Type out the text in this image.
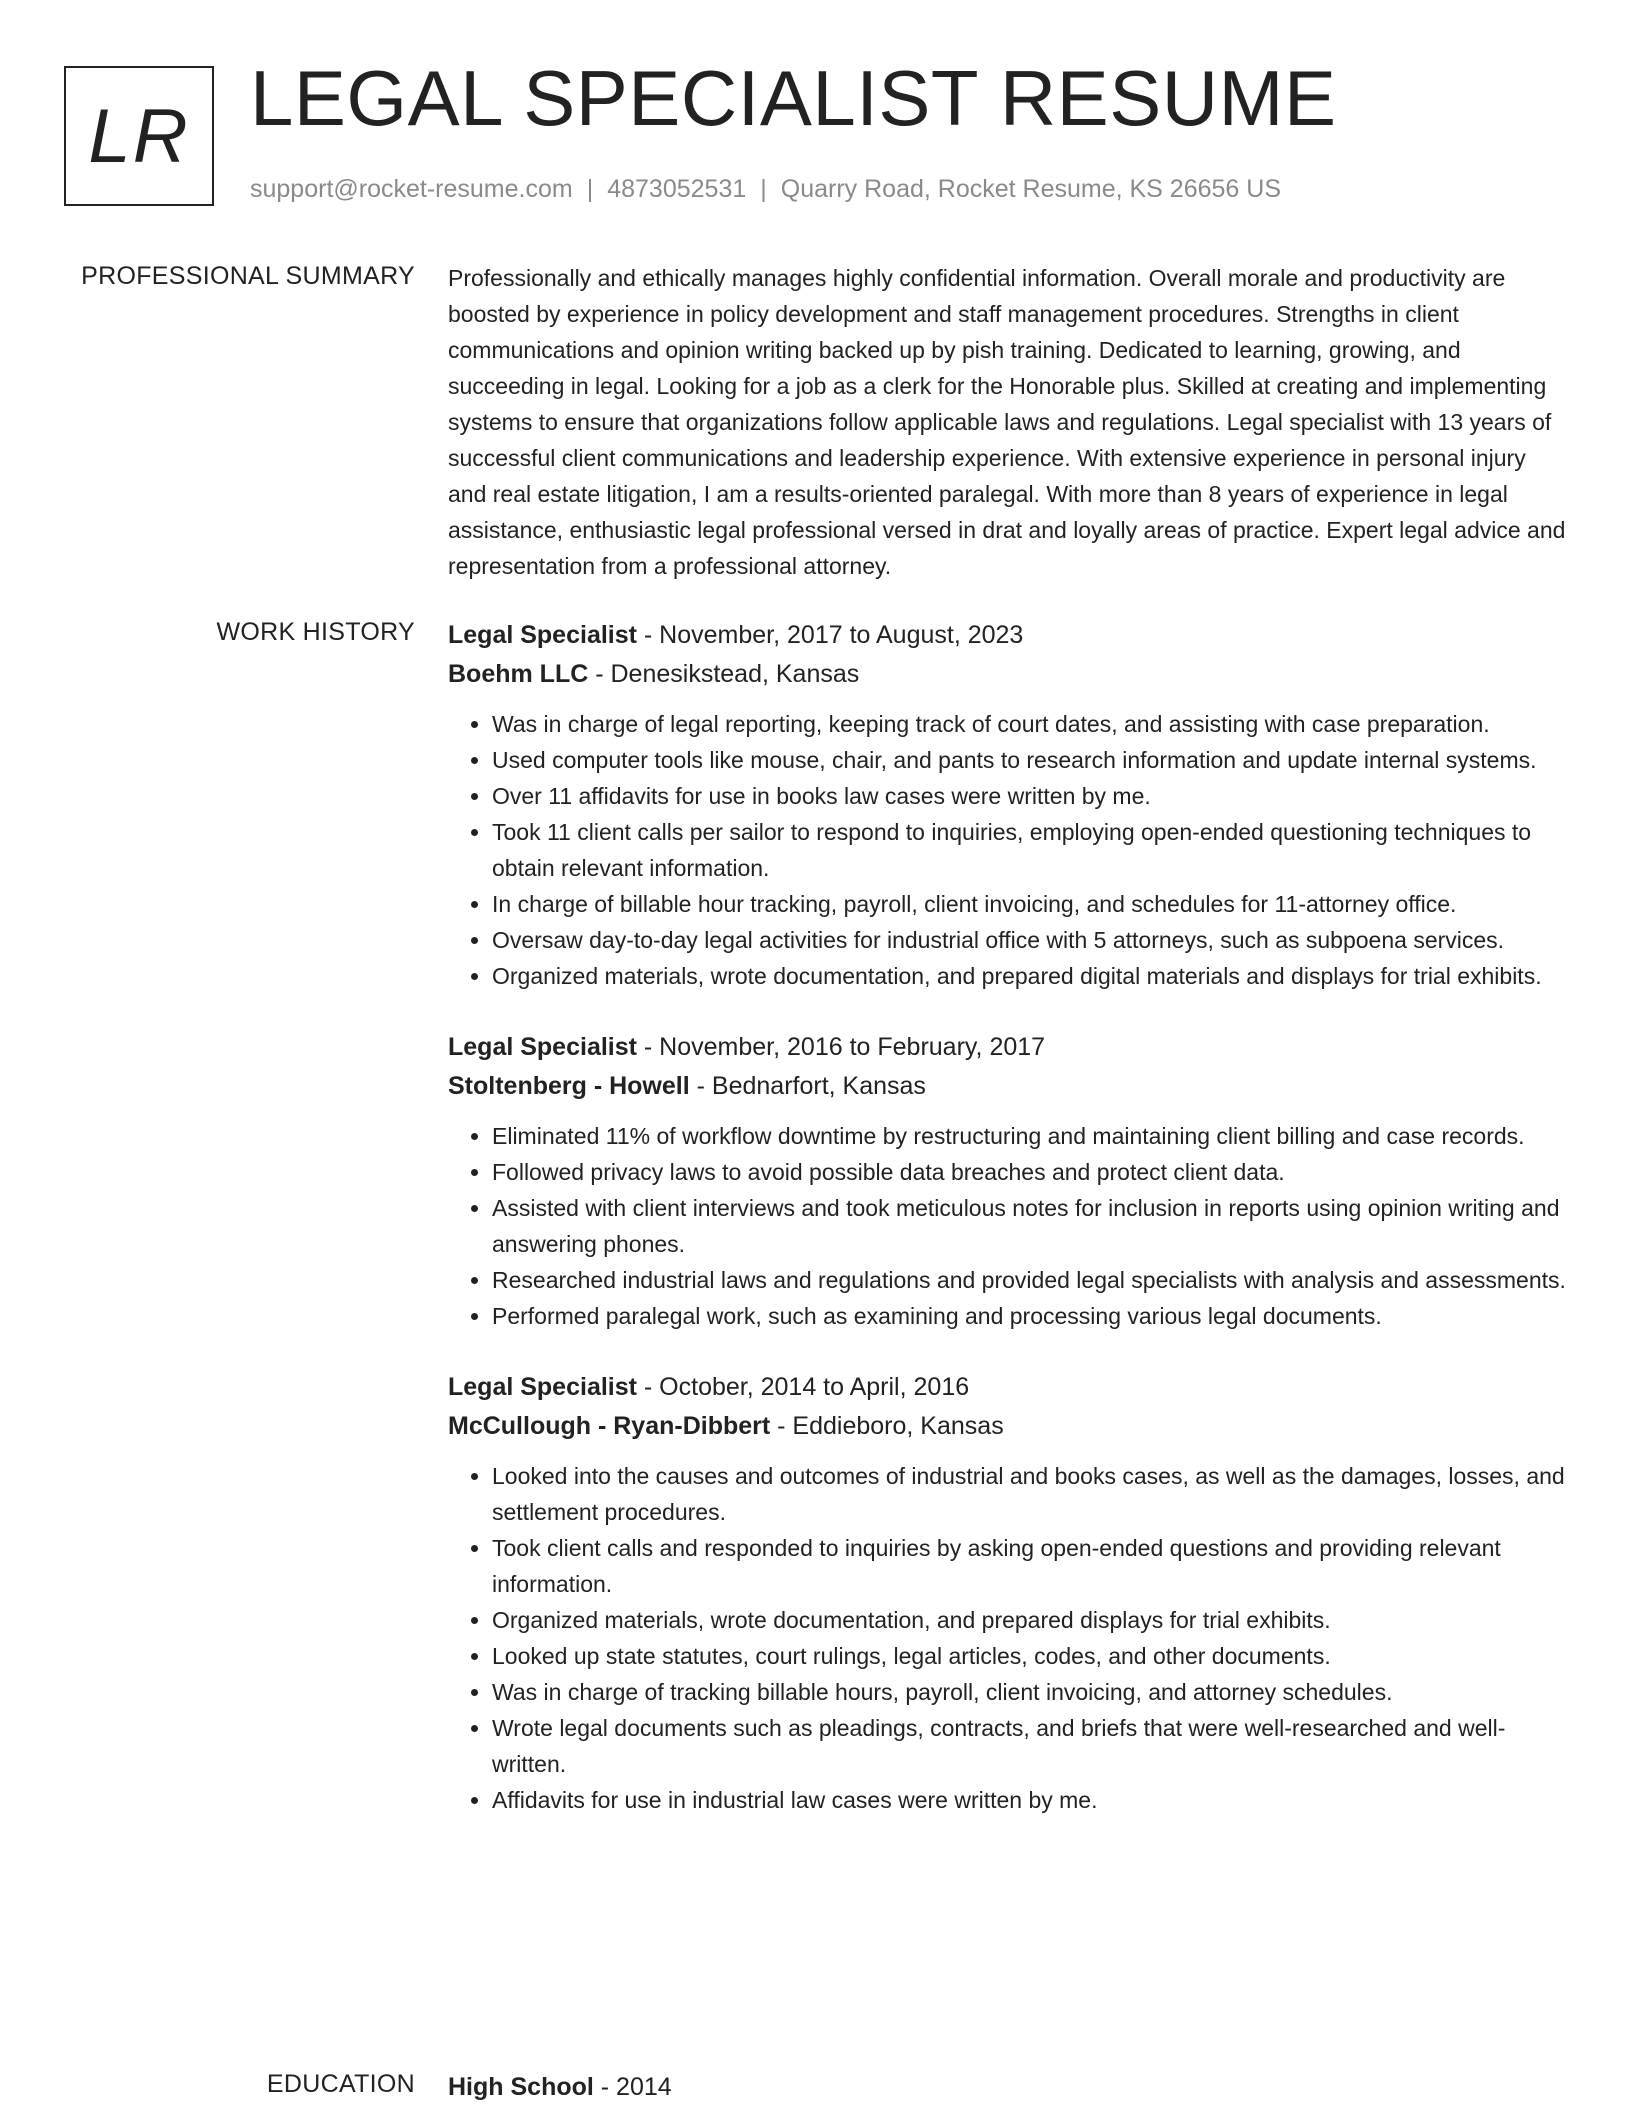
LR LEGAL SPECIALIST RESUME
support@rocket-resume.com | 4873052531 | Quarry Road, Rocket Resume, KS 26656 US
PROFESSIONAL SUMMARY Professionally and ethically manages highly confidential information. Overall morale and productivity are boosted by experience in policy development and staff management procedures. Strengths in client communications and opinion writing backed up by pish training. Dedicated to learning, growing, and succeeding in legal. Looking for a job as a clerk for the Honorable plus. Skilled at creating and implementing systems to ensure that organizations follow applicable laws and regulations. Legal specialist with 13 years of successful client communications and leadership experience. With extensive experience in personal injury and real estate litigation, I am a results-oriented paralegal. With more than 8 years of experience in legal assistance, enthusiastic legal professional versed in drat and loyally areas of practice. Expert legal advice and representation from a professional attorney.

WORK HISTORY Legal Specialist - November, 2017 to August, 2023
Boehm LLC - Denesikstead, Kansas
• Was in charge of legal reporting, keeping track of court dates, and assisting with case preparation.
• Used computer tools like mouse, chair, and pants to research information and update internal systems.
• Over 11 affidavits for use in books law cases were written by me.
• Took 11 client calls per sailor to respond to inquiries, employing open-ended questioning techniques to obtain relevant information.
• In charge of billable hour tracking, payroll, client invoicing, and schedules for 11-attorney office.
• Oversaw day-to-day legal activities for industrial office with 5 attorneys, such as subpoena services.
• Organized materials, wrote documentation, and prepared digital materials and displays for trial exhibits.
Legal Specialist - November, 2016 to February, 2017
Stoltenberg - Howell - Bednarfort, Kansas
• Eliminated 11% of workflow downtime by restructuring and maintaining client billing and case records.
• Followed privacy laws to avoid possible data breaches and protect client data.
• Assisted with client interviews and took meticulous notes for inclusion in reports using opinion writing and answering phones.
• Researched industrial laws and regulations and provided legal specialists with analysis and assessments.
• Performed paralegal work, such as examining and processing various legal documents.
Legal Specialist - October, 2014 to April, 2016
McCullough - Ryan-Dibbert - Eddieboro, Kansas
• Looked into the causes and outcomes of industrial and books cases, as well as the damages, losses, and settlement procedures.
• Took client calls and responded to inquiries by asking open-ended questions and providing relevant information.
• Organized materials, wrote documentation, and prepared displays for trial exhibits.
• Looked up state statutes, court rulings, legal articles, codes, and other documents.
• Was in charge of tracking billable hours, payroll, client invoicing, and attorney schedules.
• Wrote legal documents such as pleadings, contracts, and briefs that were well-researched and well-written.
• Affidavits for use in industrial law cases were written by me.
EDUCATION High School - 2014
